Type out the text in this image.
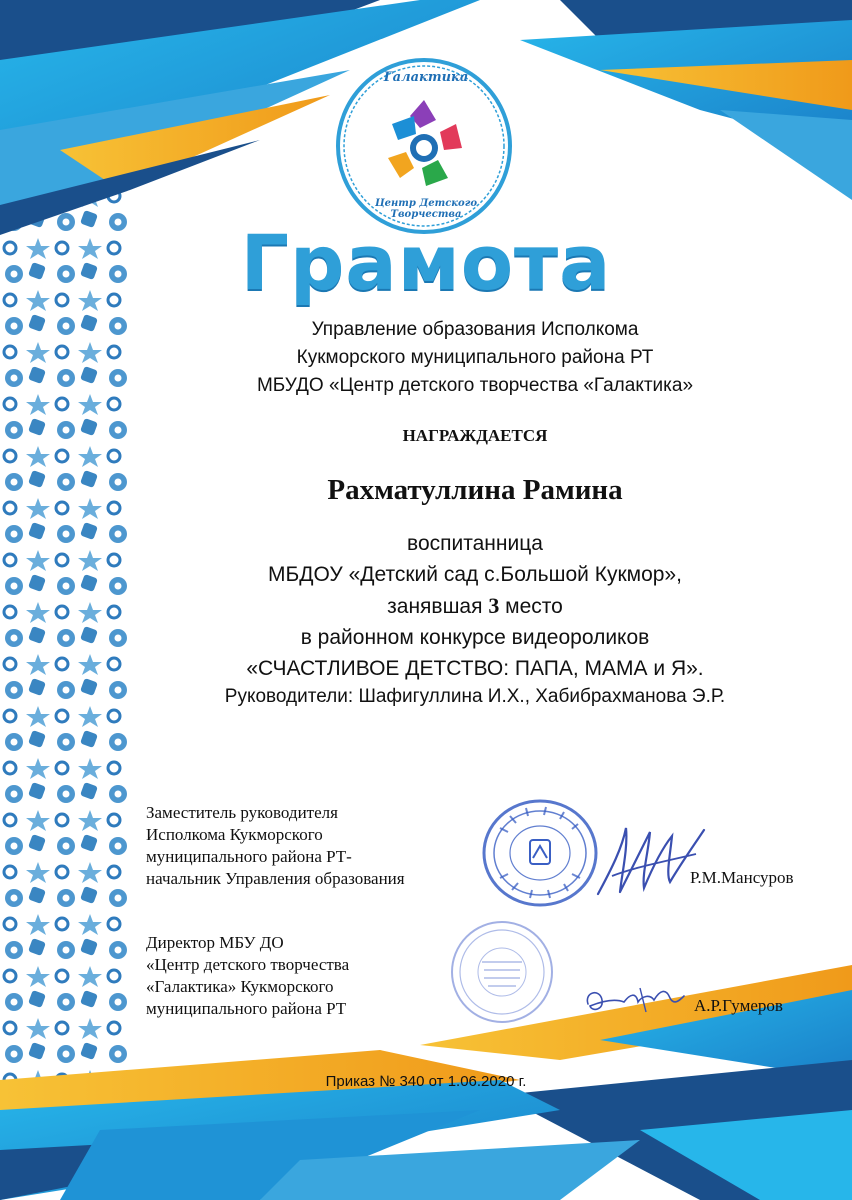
Галактика
Центр Детского Творчества
Грамота
Управление образования Исполкома
Кукморского муниципального района РТ
МБУДО «Центр детского творчества «Галактика»
НАГРАЖДАЕТСЯ
Рахматуллина Рамина
воспитанница
МБДОУ «Детский сад с.Большой Кукмор»,
занявшая 3 место
в районном конкурсе видеороликов
«СЧАСТЛИВОЕ ДЕТСТВО: ПАПА, МАМА и Я».
Руководители: Шафигуллина И.Х., Хабибрахманова Э.Р.
Заместитель руководителя
Исполкома Кукморского
муниципального района РТ-
начальник Управления образования	Р.М.Мансуров
Директор МБУ ДО
«Центр детского творчества
«Галактика» Кукморского
муниципального района РТ	А.Р.Гумеров
Приказ № 340 от 1.06.2020 г.
